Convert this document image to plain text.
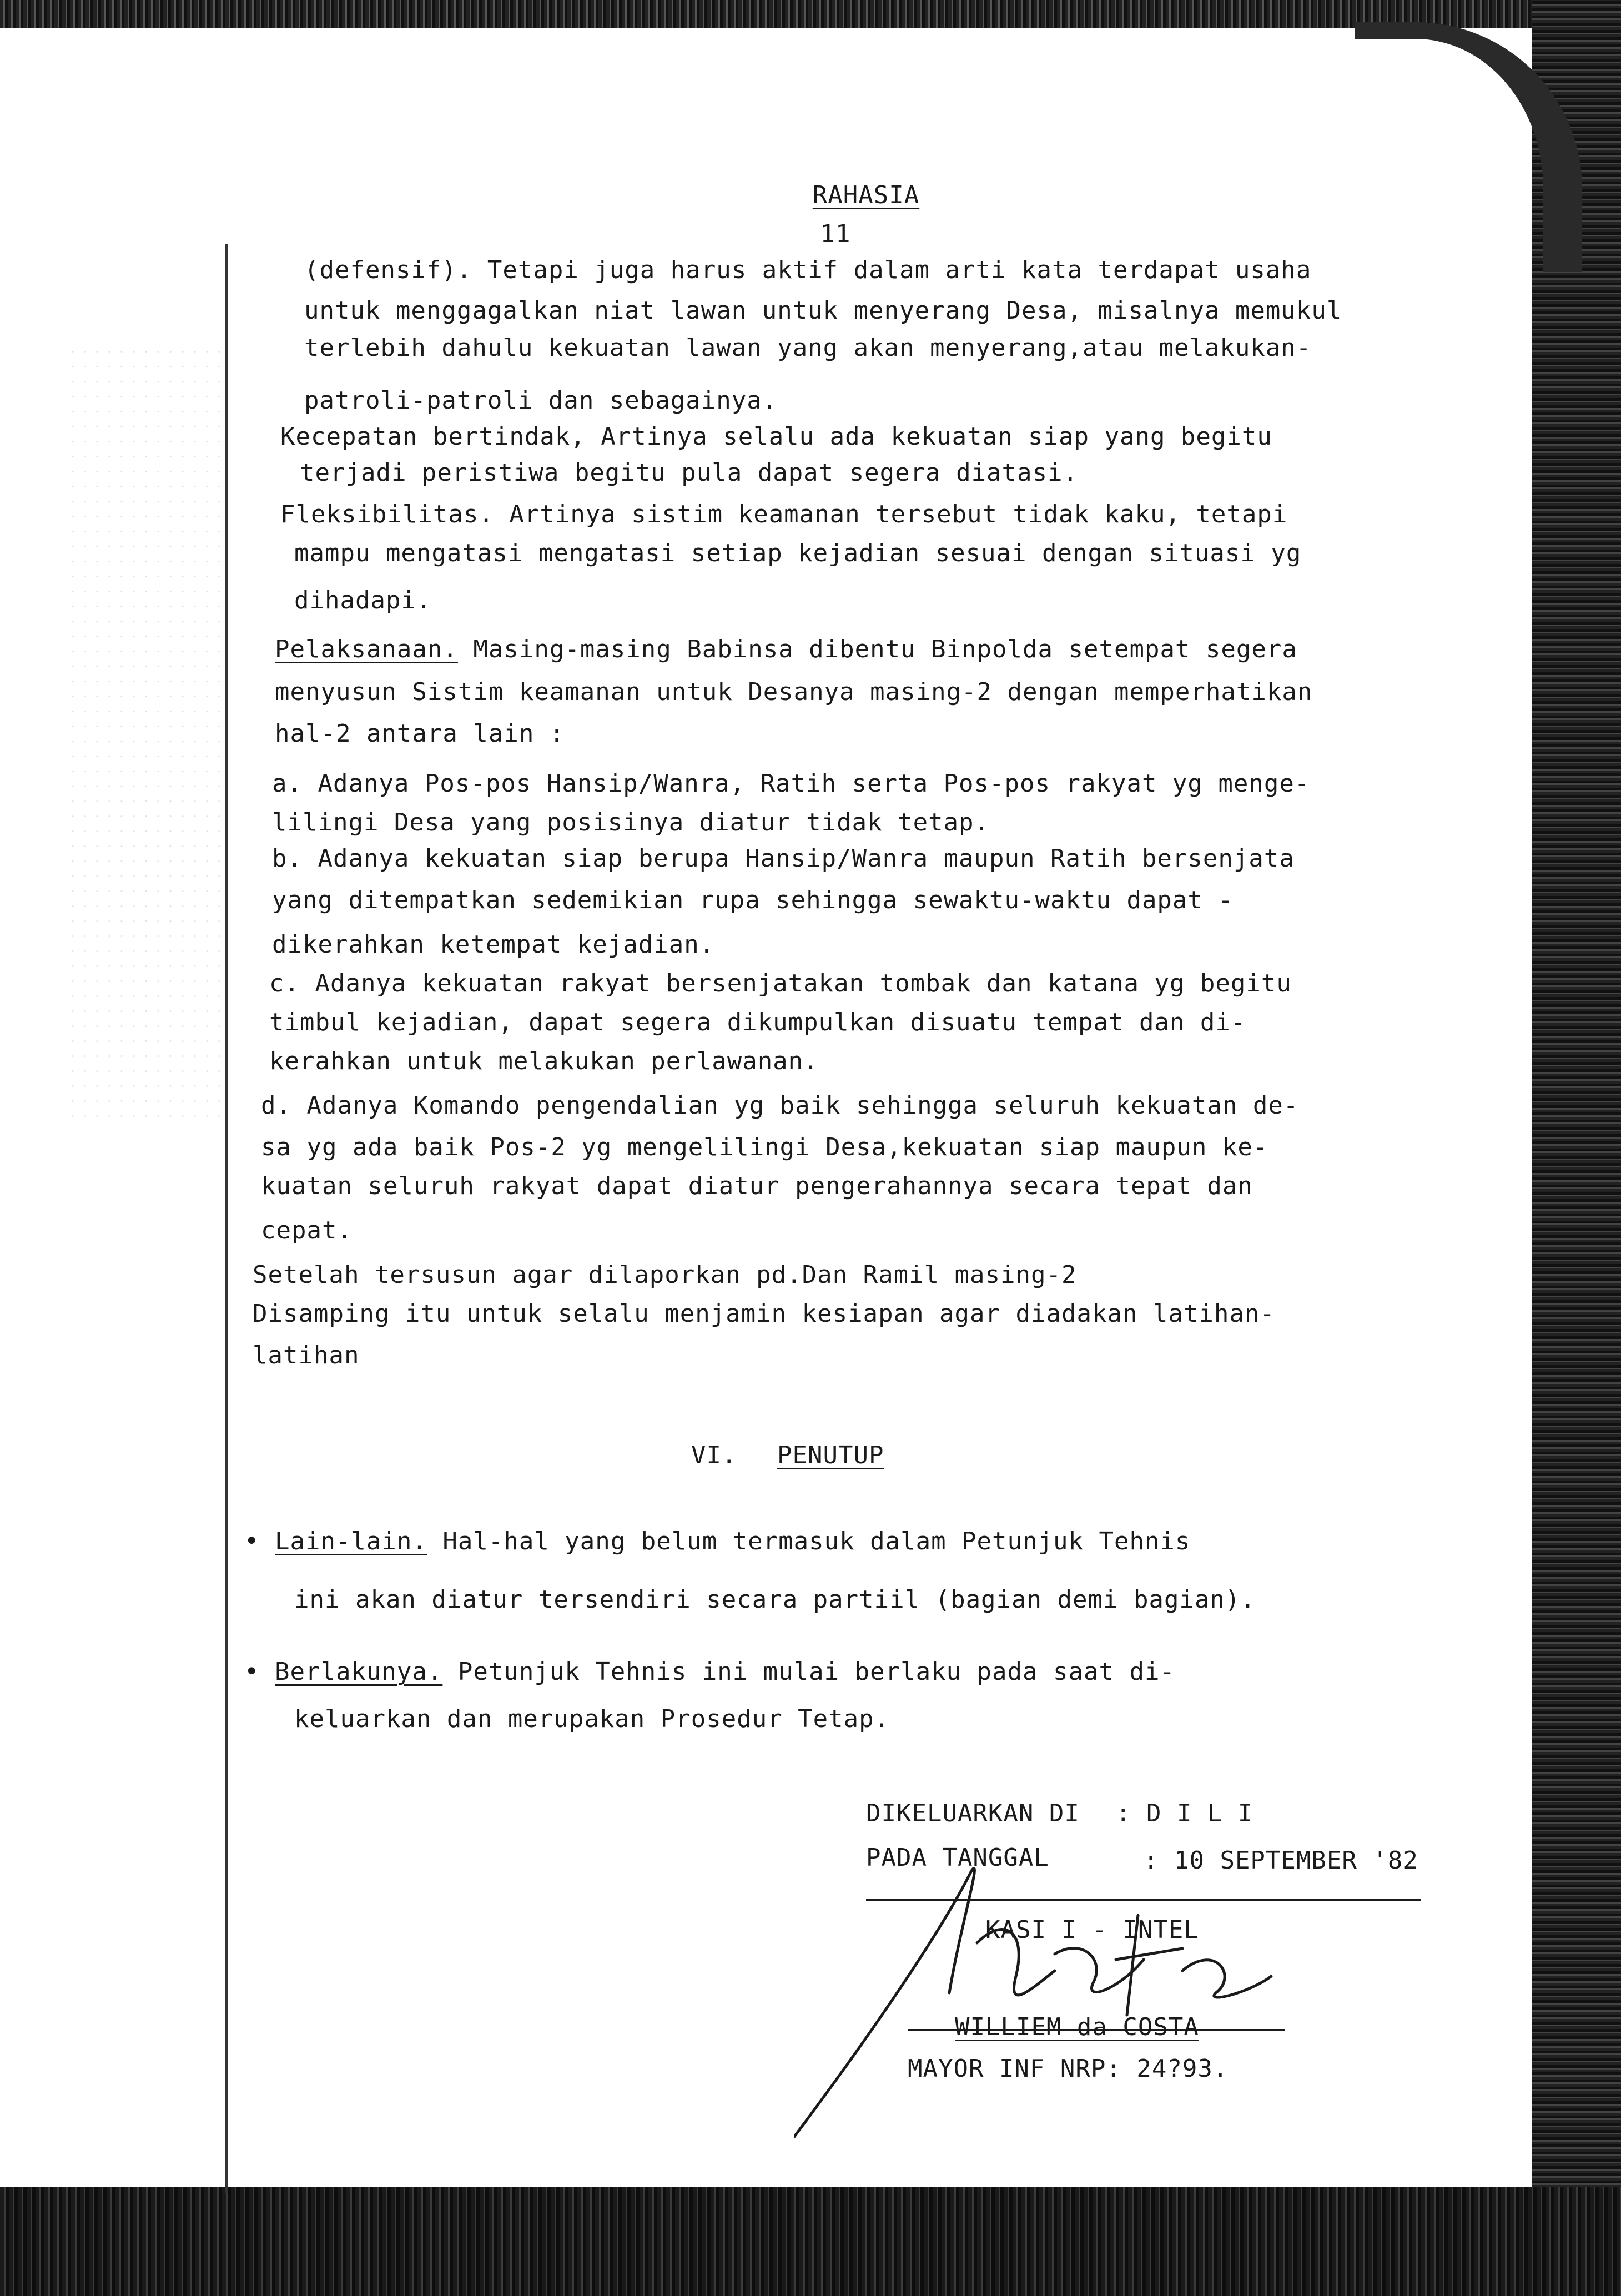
RAHASIA
11
(defensif). Tetapi juga harus aktif dalam arti kata terdapat usaha
untuk menggagalkan niat lawan untuk menyerang Desa, misalnya memukul
terlebih dahulu kekuatan lawan yang akan menyerang,atau melakukan-
patroli-patroli dan sebagainya.
Kecepatan bertindak, Artinya selalu ada kekuatan siap yang begitu
terjadi peristiwa begitu pula dapat segera diatasi.
Fleksibilitas. Artinya sistim keamanan tersebut tidak kaku, tetapi
mampu mengatasi mengatasi setiap kejadian sesuai dengan situasi yg
dihadapi.
Pelaksanaan. Masing-masing Babinsa dibentu Binpolda setempat segera
menyusun Sistim keamanan untuk Desanya masing-2 dengan memperhatikan
hal-2 antara lain :
a. Adanya Pos-pos Hansip/Wanra, Ratih serta Pos-pos rakyat yg menge-
lilingi Desa yang posisinya diatur tidak tetap.
b. Adanya kekuatan siap berupa Hansip/Wanra maupun Ratih bersenjata
yang ditempatkan sedemikian rupa sehingga sewaktu-waktu dapat -
dikerahkan ketempat kejadian.
c. Adanya kekuatan rakyat bersenjatakan tombak dan katana yg begitu
timbul kejadian, dapat segera dikumpulkan disuatu tempat dan di-
kerahkan untuk melakukan perlawanan.
d. Adanya Komando pengendalian yg baik sehingga seluruh kekuatan de-
sa yg ada baik Pos-2 yg mengelilingi Desa,kekuatan siap maupun ke-
kuatan seluruh rakyat dapat diatur pengerahannya secara tepat dan
cepat.
Setelah tersusun agar dilaporkan pd.Dan Ramil masing-2
Disamping itu untuk selalu menjamin kesiapan agar diadakan latihan-
latihan
VI. PENUTUP
• Lain-lain. Hal-hal yang belum termasuk dalam Petunjuk Tehnis
ini akan diatur tersendiri secara partiil (bagian demi bagian).
• Berlakunya. Petunjuk Tehnis ini mulai berlaku pada saat di-
keluarkan dan merupakan Prosedur Tetap.
DIKELUARKAN DI : D I L I
PADA TANGGAL	: 10 SEPTEMBER '82
KASI I - INTEL
WILLIEM da COSTA
MAYOR INF NRP: 24?93.
